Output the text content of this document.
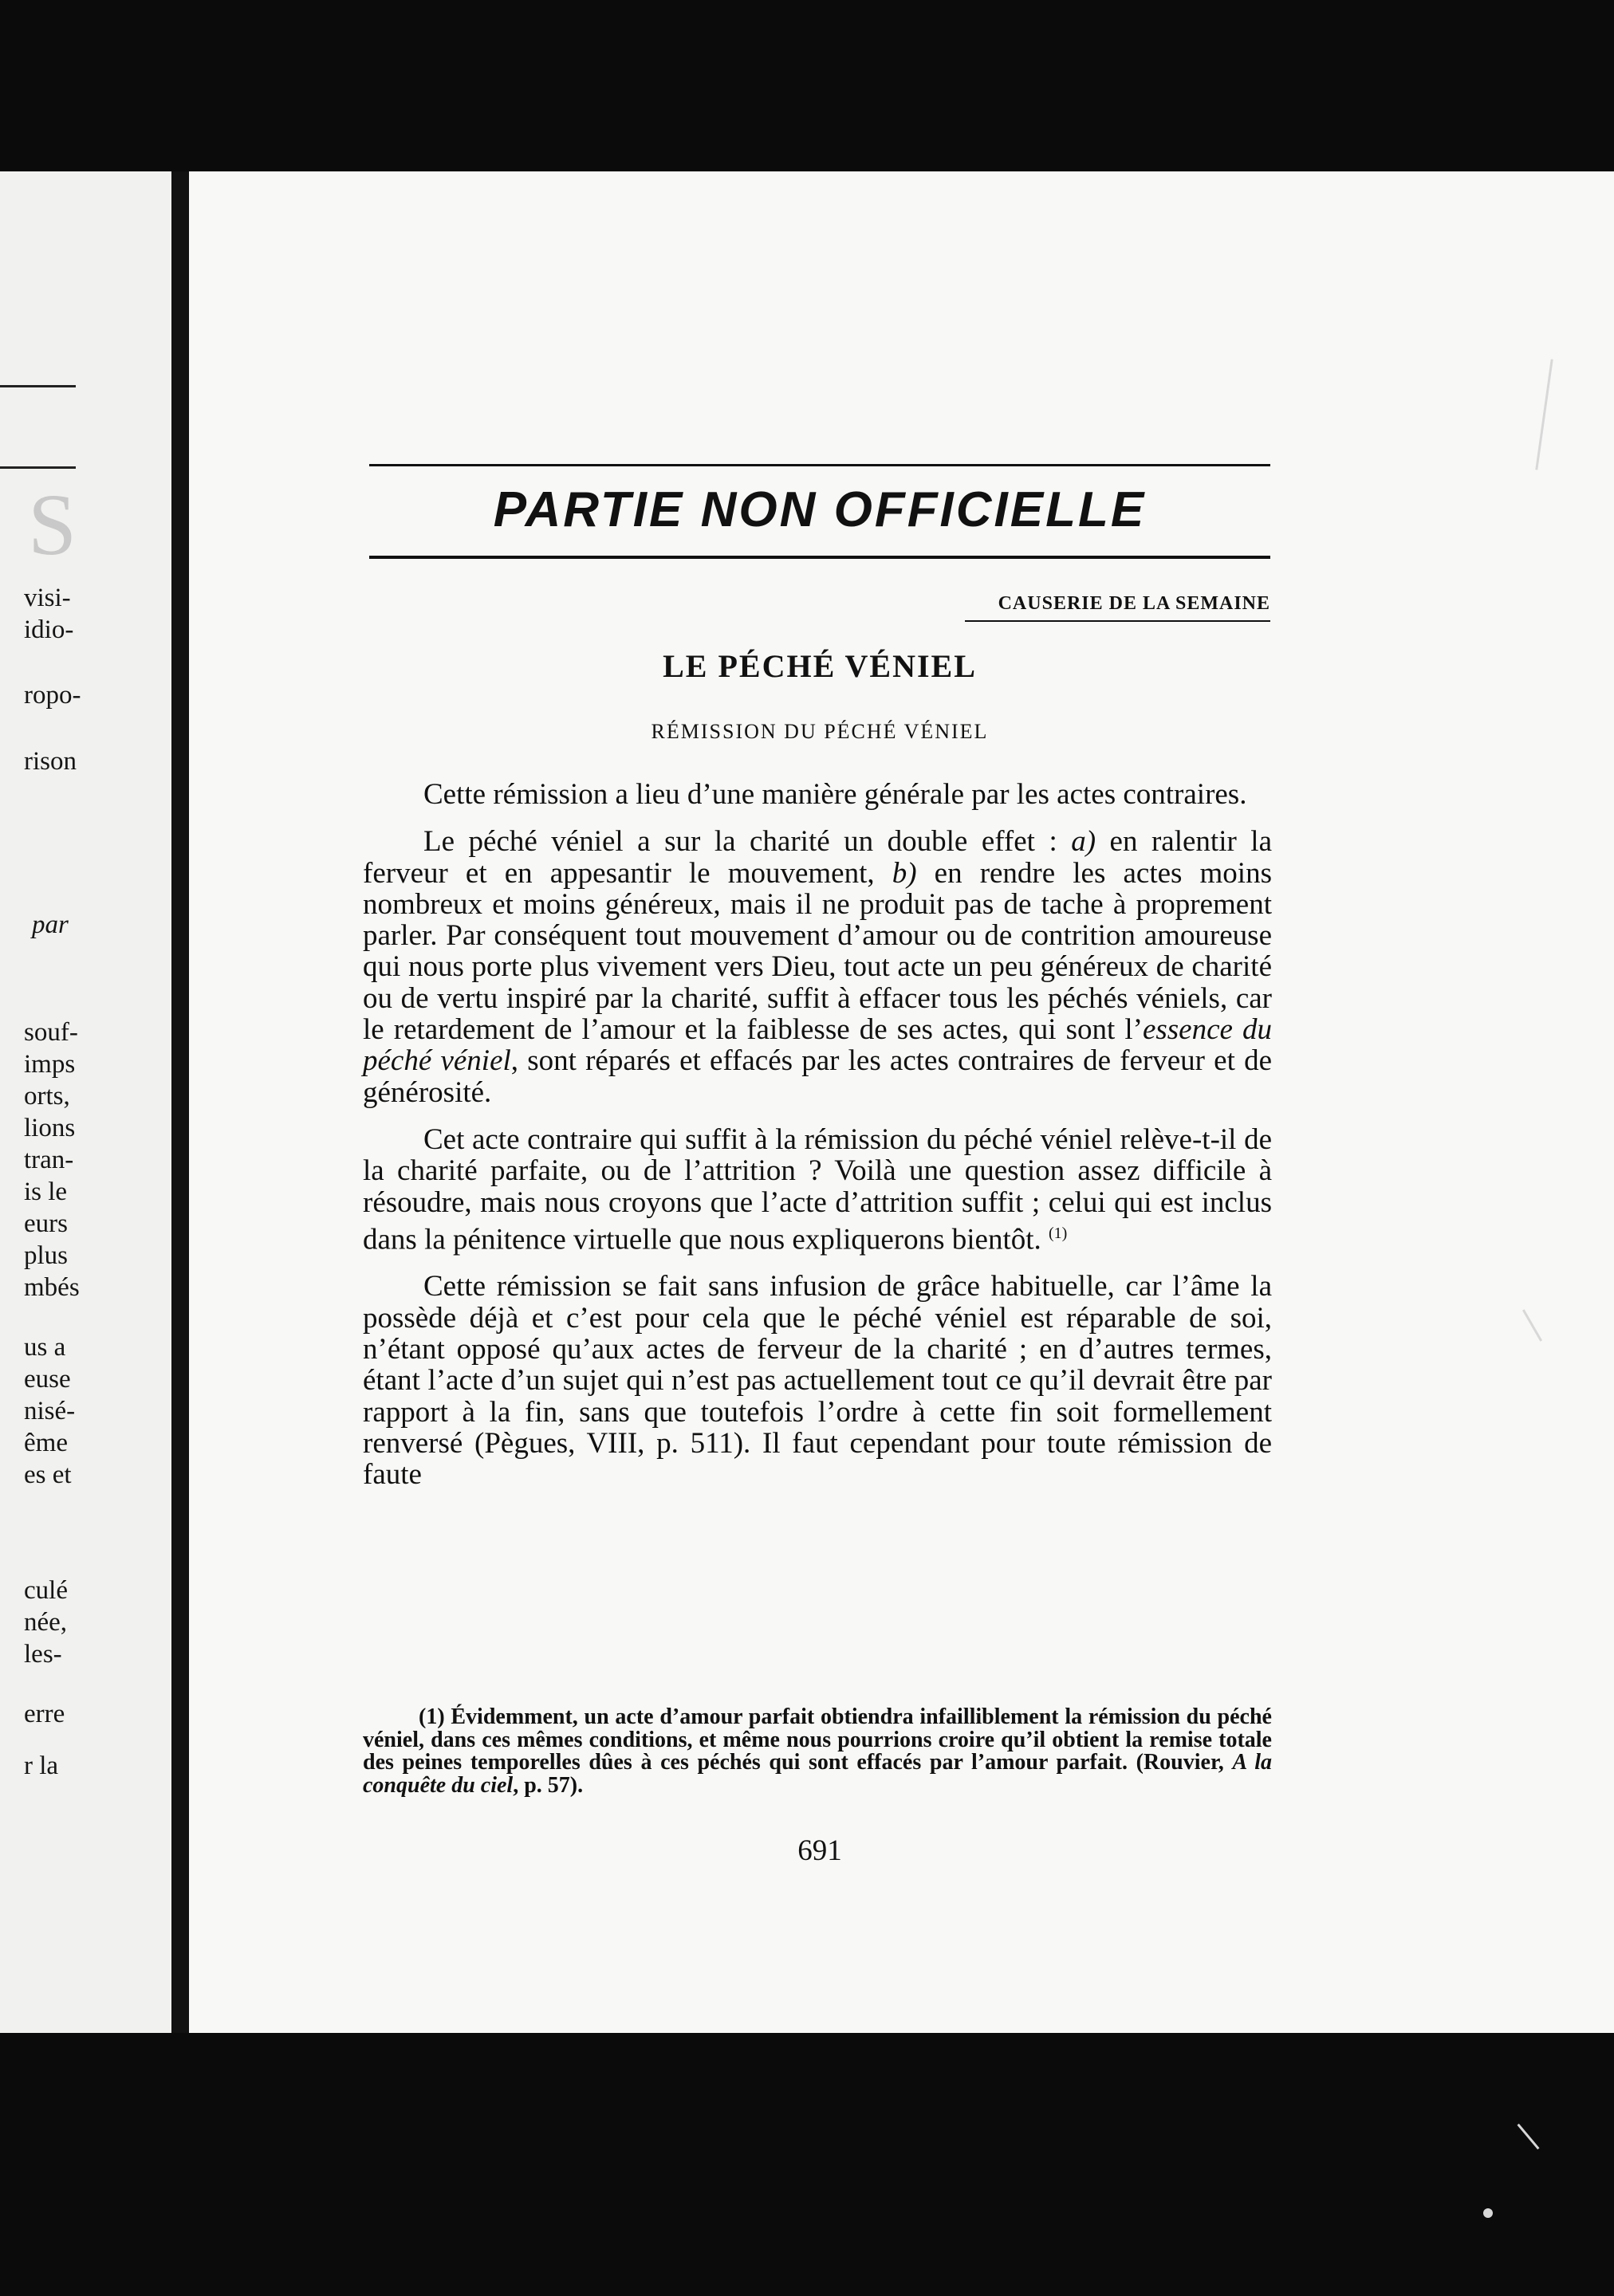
S
visi-
idio-
ropo-
rison
par
souf-
imps
orts,
lions
tran-
is le
eurs
plus
mbés
us a
euse
nisé-
ême
es et
culé
née,
les-
erre
r la
PARTIE NON OFFICIELLE
CAUSERIE DE LA SEMAINE
LE PÉCHÉ VÉNIEL
RÉMISSION DU PÉCHÉ VÉNIEL

Cette rémission a lieu d’une manière générale par les actes contraires.

Le péché véniel a sur la charité un double effet : a) en ralentir la ferveur et en appesantir le mouvement, b) en rendre les actes moins nombreux et moins généreux, mais il ne produit pas de tache à proprement parler. Par conséquent tout mouvement d’amour ou de contrition amoureuse qui nous porte plus vivement vers Dieu, tout acte un peu généreux de charité ou de vertu inspiré par la charité, suffit à effacer tous les péchés véniels, car le retardement de l’amour et la faiblesse de ses actes, qui sont l’essence du péché véniel, sont réparés et effacés par les actes contraires de ferveur et de générosité.

Cet acte contraire qui suffit à la rémission du péché véniel relève-t-il de la charité parfaite, ou de l’attrition ? Voilà une question assez difficile à résoudre, mais nous croyons que l’acte d’attrition suffit ; celui qui est inclus dans la pénitence virtuelle que nous expliquerons bientôt. $^{(1)}$

Cette rémission se fait sans infusion de grâce habituelle, car l’âme la possède déjà et c’est pour cela que le péché véniel est réparable de soi, n’étant opposé qu’aux actes de ferveur de la charité ; en d’autres termes, étant l’acte d’un sujet qui n’est pas actuellement tout ce qu’il devrait être par rapport à la fin, sans que toutefois l’ordre à cette fin soit formellement renversé (Pègues, VIII, p. 511). Il faut cependant pour toute rémission de faute

(1) Évidemment, un acte d’amour parfait obtiendra infailliblement la rémission du péché véniel, dans ces mêmes conditions, et même nous pourrions croire qu’il obtient la remise totale des peines temporelles dûes à ces péchés qui sont effacés par l’amour parfait. (Rouvier, A la conquête du ciel, p. 57).

691
